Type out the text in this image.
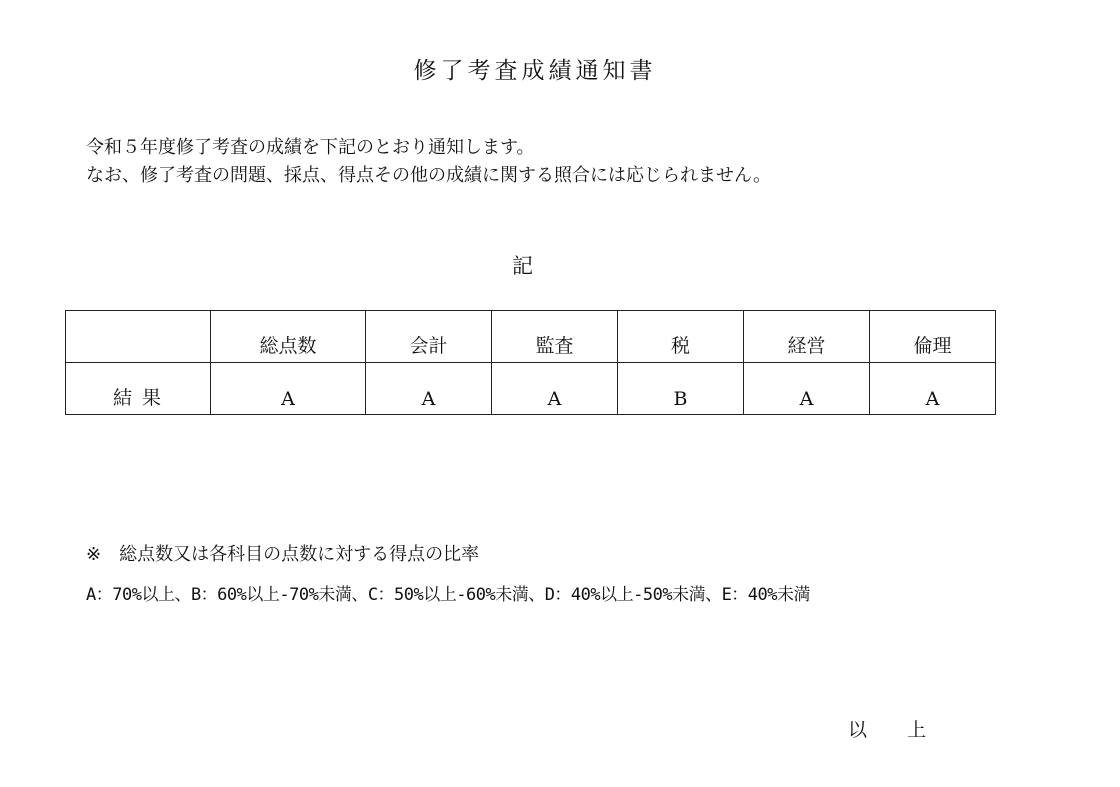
修了考査成績通知書
令和５年度修了考査の成績を下記のとおり通知します。
なお、修了考査の問題、採点、得点その他の成績に関する照合には応じられません。
記
	総点数	会計	監査	税	経営	倫理
結果	A	A	A	B	A	A
※ 総点数又は各科目の点数に対する得点の比率
A：70%以上、B：60%以上-70%未満、C：50%以上-60%未満、D：40%以上-50%未満、E：40%未満
以 上
